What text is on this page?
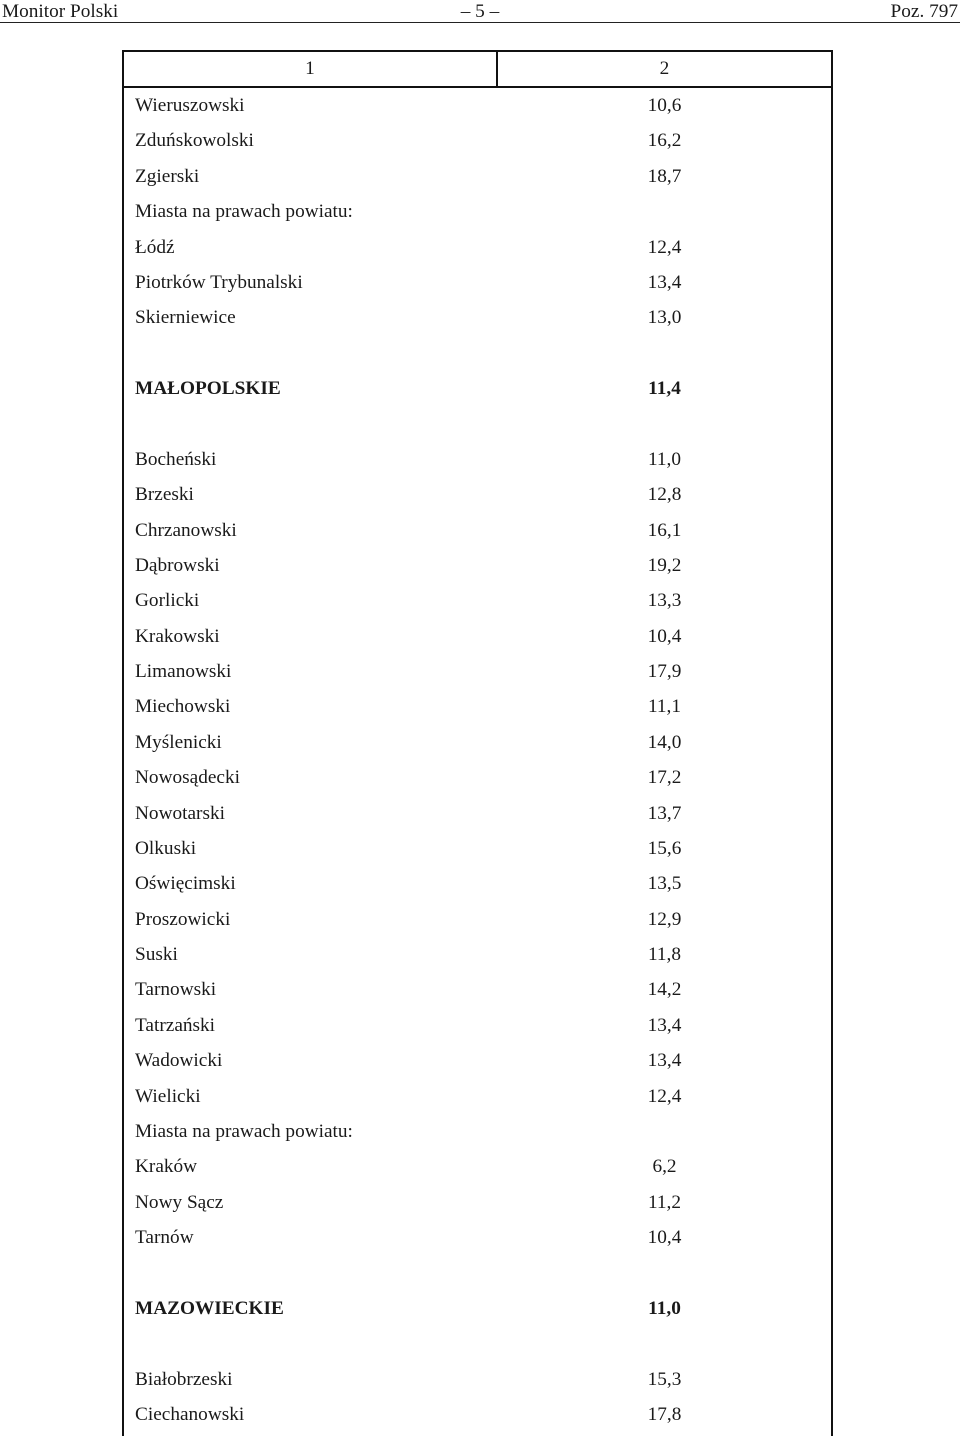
Monitor Polski	– 5 –	Poz. 797
1	2
Wieruszowski	10,6
Zduńskowolski	16,2
Zgierski	18,7
Miasta na prawach powiatu:
Łódź	12,4
Piotrków Trybunalski	13,4
Skierniewice	13,0
MAŁOPOLSKIE	11,4
Bocheński	11,0
Brzeski	12,8
Chrzanowski	16,1
Dąbrowski	19,2
Gorlicki	13,3
Krakowski	10,4
Limanowski	17,9
Miechowski	11,1
Myślenicki	14,0
Nowosądecki	17,2
Nowotarski	13,7
Olkuski	15,6
Oświęcimski	13,5
Proszowicki	12,9
Suski	11,8
Tarnowski	14,2
Tatrzański	13,4
Wadowicki	13,4
Wielicki	12,4
Miasta na prawach powiatu:
Kraków	6,2
Nowy Sącz	11,2
Tarnów	10,4
MAZOWIECKIE	11,0
Białobrzeski	15,3
Ciechanowski	17,8
